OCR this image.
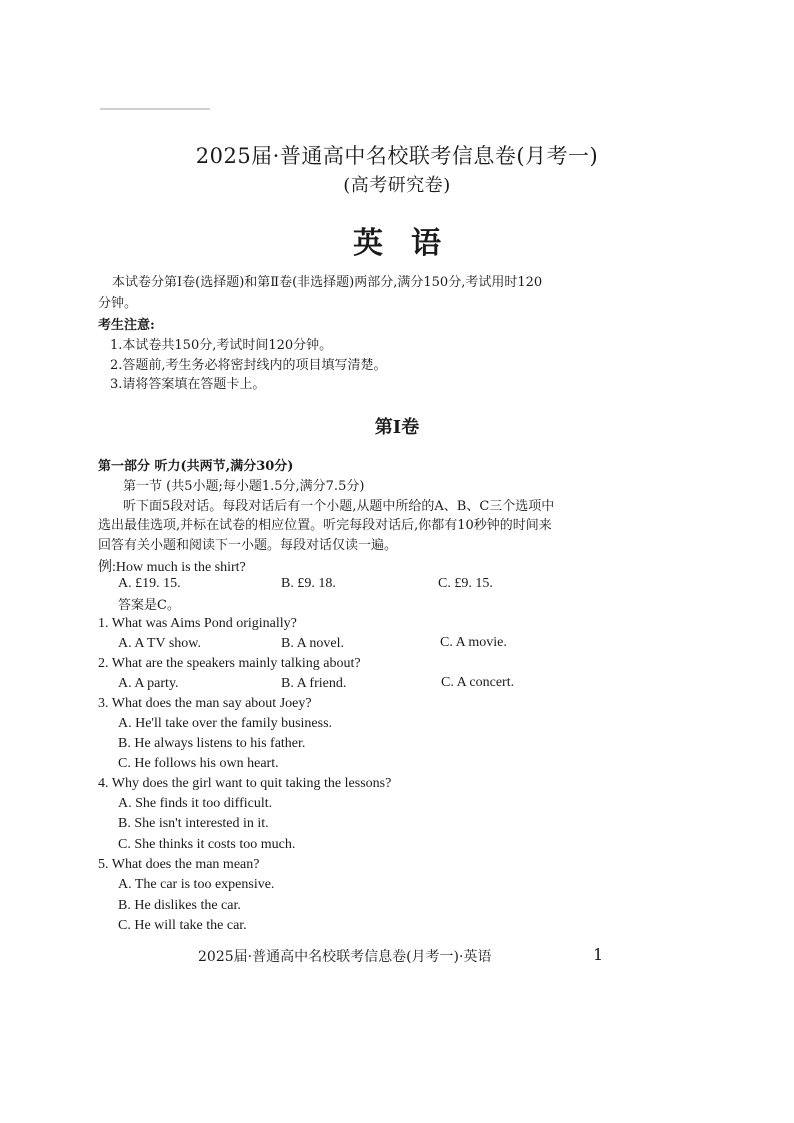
2025届·普通高中名校联考信息卷(月考一)
(高考研究卷)
英语
本试卷分第Ⅰ卷(选择题)和第Ⅱ卷(非选择题)两部分,满分150分,考试用时120
分钟。
考生注意:
1.本试卷共150分,考试时间120分钟。
2.答题前,考生务必将密封线内的项目填写清楚。
3.请将答案填在答题卡上。
第Ⅰ卷
第一部分 听力(共两节,满分30分)
第一节 (共5小题;每小题1.5分,满分7.5分)
听下面5段对话。每段对话后有一个小题,从题中所给的A、B、C三个选项中
选出最佳选项,并标在试卷的相应位置。听完每段对话后,你都有10秒钟的时间来
回答有关小题和阅读下一小题。每段对话仅读一遍。
例:How much is the shirt?
A. £19. 15.	B. £9. 18.	C. £9. 15.
答案是C。
1. What was Aims Pond originally?
A. A TV show.	B. A novel.	C. A movie.
2. What are the speakers mainly talking about?
A. A party.	B. A friend.	C. A concert.
3. What does the man say about Joey?
A. He'll take over the family business.
B. He always listens to his father.
C. He follows his own heart.
4. Why does the girl want to quit taking the lessons?
A. She finds it too difficult.
B. She isn't interested in it.
C. She thinks it costs too much.
5. What does the man mean?
A. The car is too expensive.
B. He dislikes the car.
C. He will take the car.
2025届·普通高中名校联考信息卷(月考一)·英语	1
